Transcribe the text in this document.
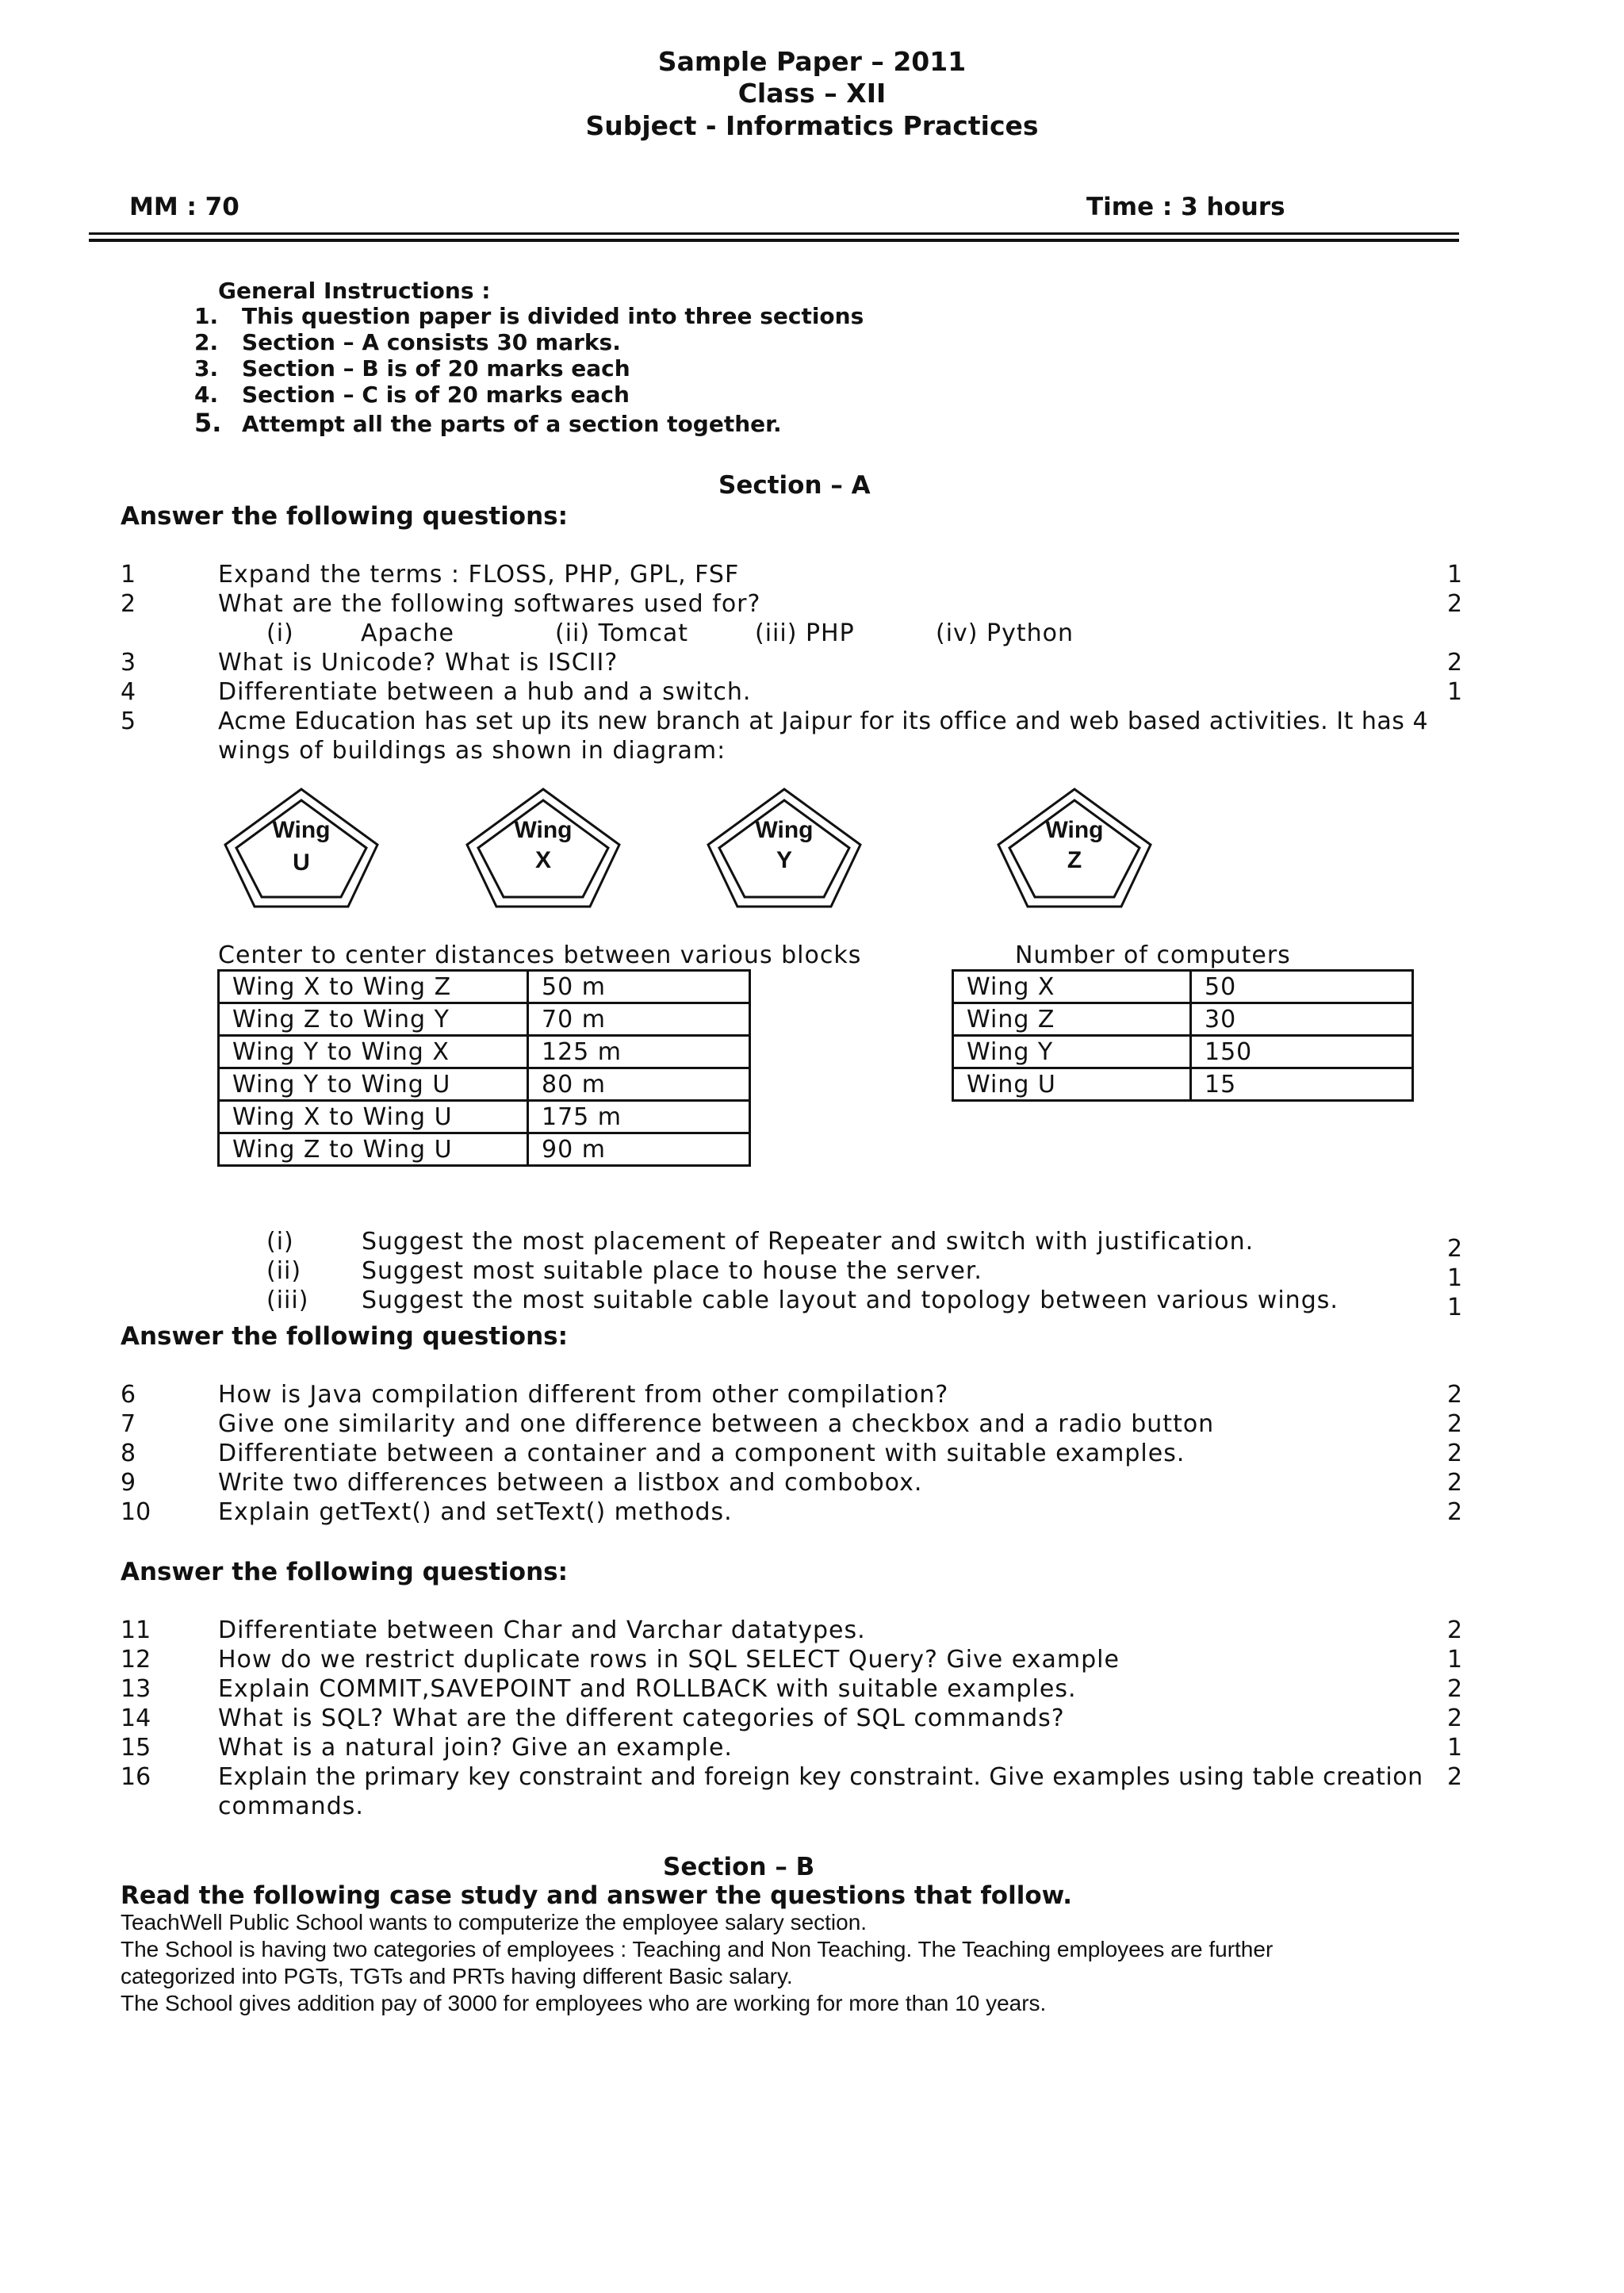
Sample Paper – 2011
Class – XII
Subject - Informatics Practices
MM : 70	Time : 3 hours
General Instructions :
1. This question paper is divided into three sections
2. Section – A consists 30 marks.
3. Section – B is of 20 marks each
4. Section – C is of 20 marks each
5. Attempt all the parts of a section together.
Section – A
Answer the following questions:
1	Expand the terms : FLOSS, PHP, GPL, FSF	1
2	What are the following softwares used for?	2
(i)	Apache	(ii) Tomcat	(iii) PHP	(iv) Python
3	What is Unicode? What is ISCII?	2
4	Differentiate between a hub and a switch.	1
5	Acme Education has set up its new branch at Jaipur for its office and web based activities. It has 4
wings of buildings as shown in diagram:
Wing
U
Wing
X
Wing
Y
Wing
Z
Center to center distances between various blocks	Number of computers
Wing X to Wing Z	50 m
Wing Z to Wing Y	70 m
Wing Y to Wing X	125 m
Wing Y to Wing U	80 m
Wing X to Wing U	175 m
Wing Z to Wing U	90 m
Wing X	50
Wing Z	30
Wing Y	150
Wing U	15
(i)	Suggest the most placement of Repeater and switch with justification.	2
(ii)	Suggest most suitable place to house the server.	1
(iii) Suggest the most suitable cable layout and topology between various wings.	1
Answer the following questions:
6	How is Java compilation different from other compilation?	2
7	Give one similarity and one difference between a checkbox and a radio button	2
8	Differentiate between a container and a component with suitable examples.	2
9	Write two differences between a listbox and combobox.	2
10	Explain getText() and setText() methods.	2
Answer the following questions:
11	Differentiate between Char and Varchar datatypes.	2
12	How do we restrict duplicate rows in SQL SELECT Query? Give example	1
13	Explain COMMIT,SAVEPOINT and ROLLBACK with suitable examples.	2
14	What is SQL? What are the different categories of SQL commands?	2
15	What is a natural join? Give an example.	1
16	Explain the primary key constraint and foreign key constraint. Give examples using table creation 2
commands.
Section – B
Read the following case study and answer the questions that follow.
TeachWell Public School wants to computerize the employee salary section.
The School is having two categories of employees : Teaching and Non Teaching. The Teaching employees are further
categorized into PGTs, TGTs and PRTs having different Basic salary.
The School gives addition pay of 3000 for employees who are working for more than 10 years.
